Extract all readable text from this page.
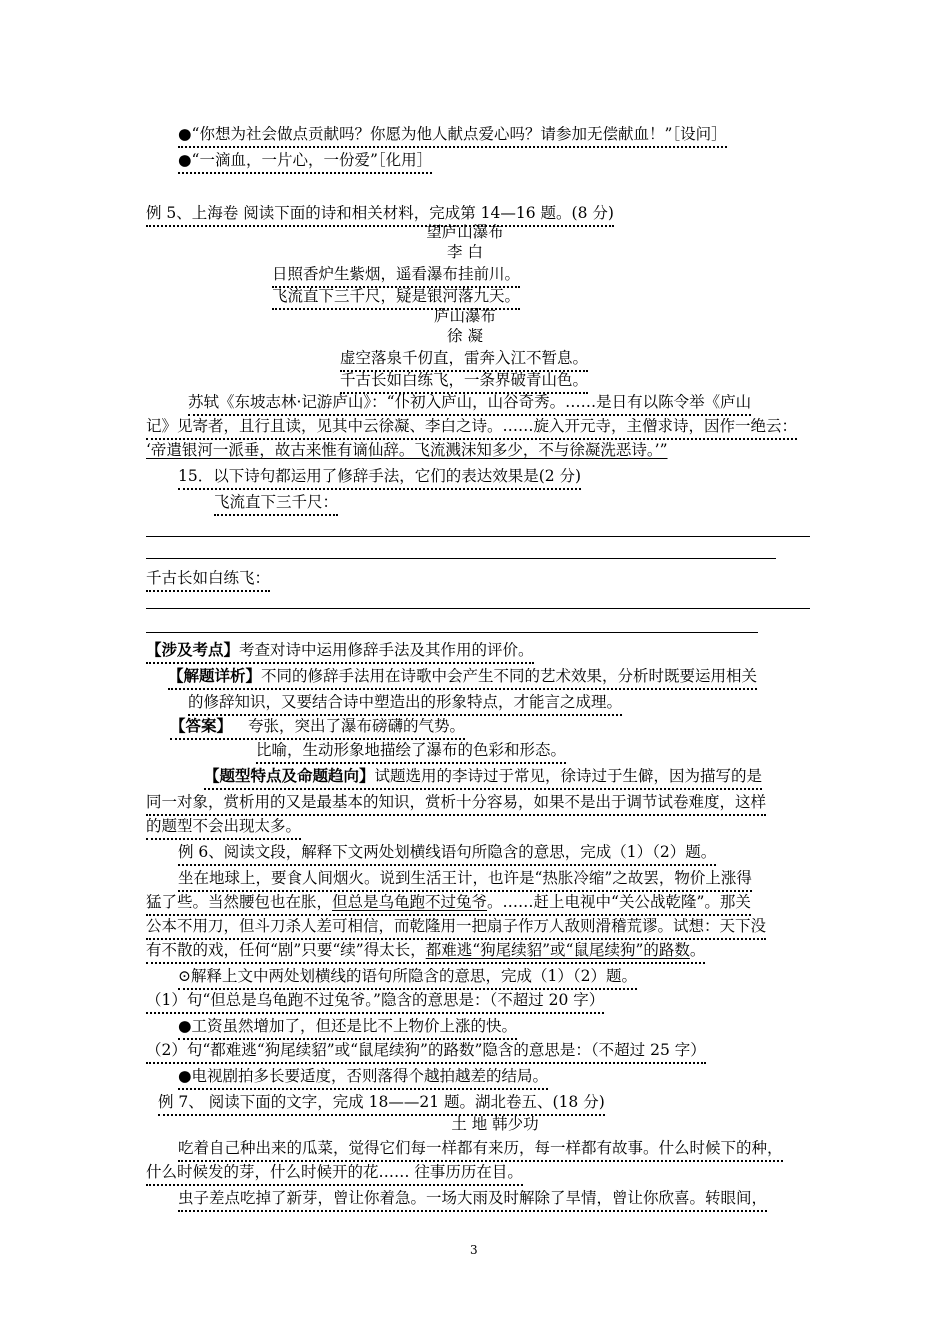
●“你想为社会做点贡献吗？你愿为他人献点爱心吗？请参加无偿献血！”［设问］
●“一滴血，一片心，一份爱”［化用］
例 5、上海卷 阅读下面的诗和相关材料，完成第 14—16 题。(8 分)
望庐山瀑布
李 白
日照香炉生紫烟，遥看瀑布挂前川。
飞流直下三千尺，疑是银河落九天。
庐山瀑布
徐 凝
虚空落泉千仞直，雷奔入江不暂息。
千古长如白练飞，一条界破青山色。
苏轼《东坡志林·记游庐山》：“仆初入庐山，山谷奇秀。……是日有以陈令举《庐山
记》见寄者，且行且读，见其中云徐凝、李白之诗。……旋入开元寺，主僧求诗，因作一绝云：
‘帝遣银河一派垂，故古来惟有谪仙辞。飞流溅沫知多少，不与徐凝洗恶诗。’”
15．以下诗句都运用了修辞手法，它们的表达效果是(2 分)
飞流直下三千尺：
千古长如白练飞：
【涉及考点】考查对诗中运用修辞手法及其作用的评价。
【解题详析】不同的修辞手法用在诗歌中会产生不同的艺术效果，分析时既要运用相关
的修辞知识，又要结合诗中塑造出的形象特点，才能言之成理。
【答案】 夸张，突出了瀑布磅礴的气势。
比喻，生动形象地描绘了瀑布的色彩和形态。
【题型特点及命题趋向】试题选用的李诗过于常见，徐诗过于生僻，因为描写的是
同一对象，赏析用的又是最基本的知识，赏析十分容易，如果不是出于调节试卷难度，这样
的题型不会出现太多。
例 6、阅读文段，解释下文两处划横线语句所隐含的意思，完成（1）（2）题。
坐在地球上，要食人间烟火。说到生活王计，也许是“热胀冷缩”之故罢，物价上涨得
猛了些。当然腰包也在胀，但总是乌龟跑不过兔爷。……赶上电视中“关公战乾隆”。那关
公本不用刀，但斗刀杀人差可相信，而乾隆用一把扇子作万人敌则滑稽荒谬。试想：天下没
有不散的戏，任何“剧”只要“续”得太长，都难逃“狗尾续貂”或“鼠尾续狗”的路数。
⊙解释上文中两处划横线的语句所隐含的意思，完成（1）（2）题。
（1）句“但总是乌龟跑不过兔爷。”隐含的意思是：（不超过 20 字）
●工资虽然增加了，但还是比不上物价上涨的快。
（2）句“都难逃“狗尾续貂”或“鼠尾续狗”的路数”隐含的意思是：（不超过 25 字）
●电视剧拍多长要适度，否则落得个越拍越差的结局。
例 7、 阅读下面的文字，完成 18——21 题。湖北卷五、(18 分)
土 地 韩少功
吃着自己种出来的瓜菜，觉得它们每一样都有来历，每一样都有故事。什么时候下的种，
什么时候发的芽，什么时候开的花…… 往事历历在目。
虫子差点吃掉了新芽，曾让你着急。一场大雨及时解除了旱情，曾让你欣喜。转眼间，
3
